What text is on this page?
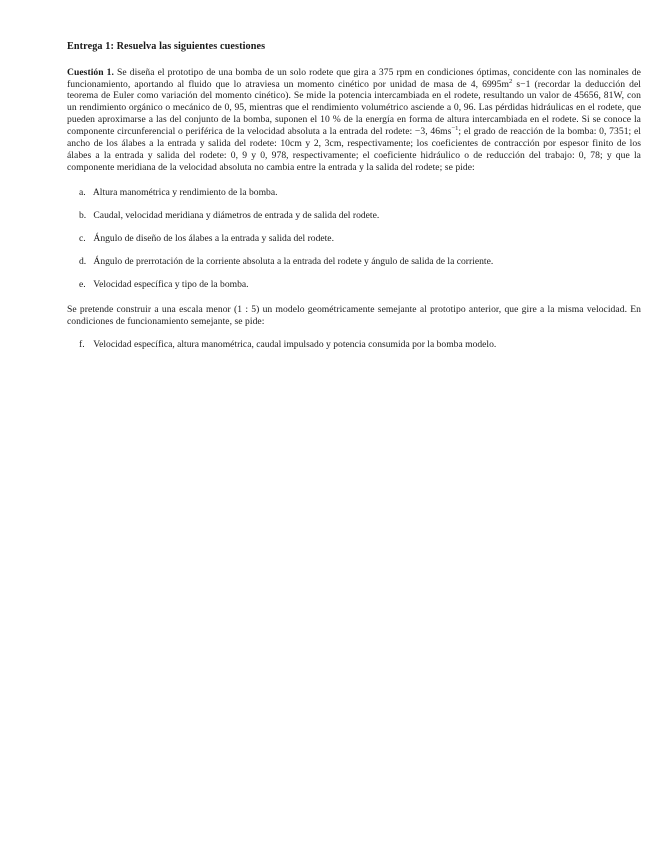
Entrega 1: Resuelva las siguientes cuestiones

Cuestión 1. Se diseña el prototipo de una bomba de un solo rodete que gira a 375 rpm en condiciones óptimas, concidente con las nominales de funcionamiento, aportando al fluido que lo atraviesa un momento cinético por unidad de masa de 4, $6995m^2$ s−1 (recordar la deducción del teorema de Euler como variación del momento cinético). Se mide la potencia intercambiada en el rodete, resultando un valor de 45656, 81W, con un rendimiento orgánico o mecánico de 0, 95, mientras que el rendimiento volumétrico asciende a 0, 96. Las pérdidas hidráulicas en el rodete, que pueden aproximarse a las del conjunto de la bomba, suponen el 10 % de la energía en forma de altura intercambiada en el rodete. Si se conoce la componente circunferencial o periférica de la velocidad absoluta a la entrada del rodete: −3, $46ms^{-1}$; el grado de reacción de la bomba: 0, 7351; el ancho de los álabes a la entrada y salida del rodete: 10cm y 2, 3cm, respectivamente; los coeficientes de contracción por espesor finito de los álabes a la entrada y salida del rodete: 0, 9 y 0, 978, respectivamente; el coeficiente hidráulico o de reducción del trabajo: 0, 78; y que la componente meridiana de la velocidad absoluta no cambia entre la entrada y la salida del rodete; se pide:

a. Altura manométrica y rendimiento de la bomba.
b. Caudal, velocidad meridiana y diámetros de entrada y de salida del rodete.
c. Ángulo de diseño de los álabes a la entrada y salida del rodete.
d. Ángulo de prerrotación de la corriente absoluta a la entrada del rodete y ángulo de salida de la corriente.
e. Velocidad específica y tipo de la bomba.

Se pretende construir a una escala menor (1 : 5) un modelo geométricamente semejante al prototipo anterior, que gire a la misma velocidad. En condiciones de funcionamiento semejante, se pide:

f. Velocidad específica, altura manométrica, caudal impulsado y potencia consumida por la bomba modelo.
